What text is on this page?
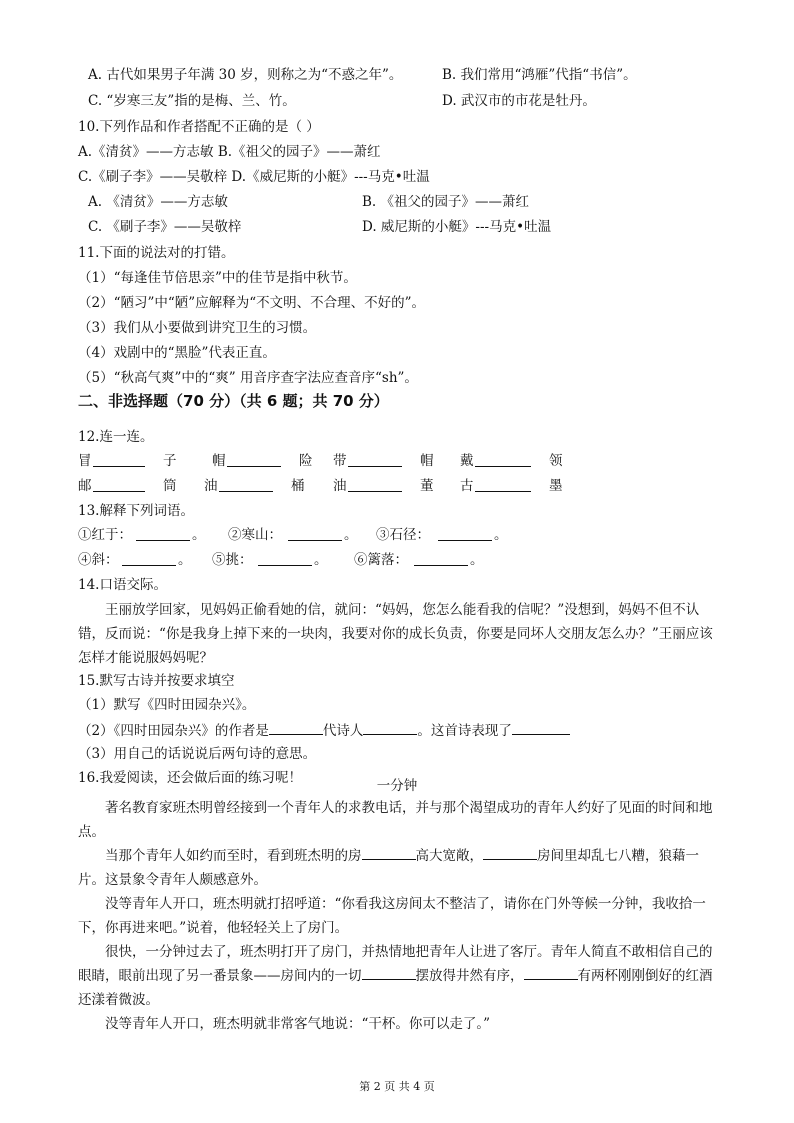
A. 古代如果男子年满 30 岁，则称之为“不惑之年”。	B. 我们常用“鸿雁”代指“书信”。
C. “岁寒三友”指的是梅、兰、竹。	D. 武汉市的市花是牡丹。
10.下列作品和作者搭配不正确的是（ ）
A.《清贫》——方志敏 B.《祖父的园子》——萧红
C.《刷子李》——吴敬梓 D.《威尼斯的小艇》---马克•吐温
A. 《清贫》——方志敏	B. 《祖父的园子》——萧红
C. 《刷子李》——吴敬梓	D. 威尼斯的小艇》---马克•吐温
11.下面的说法对的打错。
（1）“每逢佳节倍思亲”中的佳节是指中秋节。
（2）“陋习”中“陋”应解释为“不文明、不合理、不好的”。
（3）我们从小要做到讲究卫生的习惯。
（4）戏剧中的“黑脸”代表正直。
（5）“秋高气爽”中的“爽” 用音序查字法应查音序“sh”。
二、非选择题（70 分）（共 6 题；共 70 分）
12.连一连。
冒	子	帽	险 带	帽 戴	领
邮	筒 油	桶 油	董 古	墨
13.解释下列词语。
①红于：	。 ②寒山：	。 ③石径：	。
④斜：	。 ⑤挑：	。 ⑥篱落：	。
14.口语交际。
王丽放学回家，见妈妈正偷看她的信，就问：“妈妈，您怎么能看我的信呢？”没想到，妈妈不但不认错，反而说：“你是我身上掉下来的一块肉，我要对你的成长负责，你要是同坏人交朋友怎么办？”王丽应该怎样才能说服妈妈呢？
15.默写古诗并按要求填空
（1）默写《四时田园杂兴》。
（2）《四时田园杂兴》的作者是	代诗人	。这首诗表现了
（3）用自己的话说说后两句诗的意思。
16.我爱阅读，还会做后面的练习呢！	一分钟
著名教育家班杰明曾经接到一个青年人的求教电话，并与那个渴望成功的青年人约好了见面的时间和地点。
当那个青年人如约而至时，看到班杰明的房	高大宽敞，	房间里却乱七八糟，狼藉一片。这景象令青年人颇感意外。
没等青年人开口，班杰明就打招呼道：“你看我这房间太不整洁了，请你在门外等候一分钟，我收拾一下，你再进来吧。”说着，他轻轻关上了房门。
很快，一分钟过去了，班杰明打开了房门，并热情地把青年人让进了客厅。青年人简直不敢相信自己的眼睛，眼前出现了另一番景象——房间内的一切	摆放得井然有序，	有两杯刚刚倒好的红酒还漾着微波。
没等青年人开口，班杰明就非常客气地说：“干杯。你可以走了。”
第 2 页 共 4 页
